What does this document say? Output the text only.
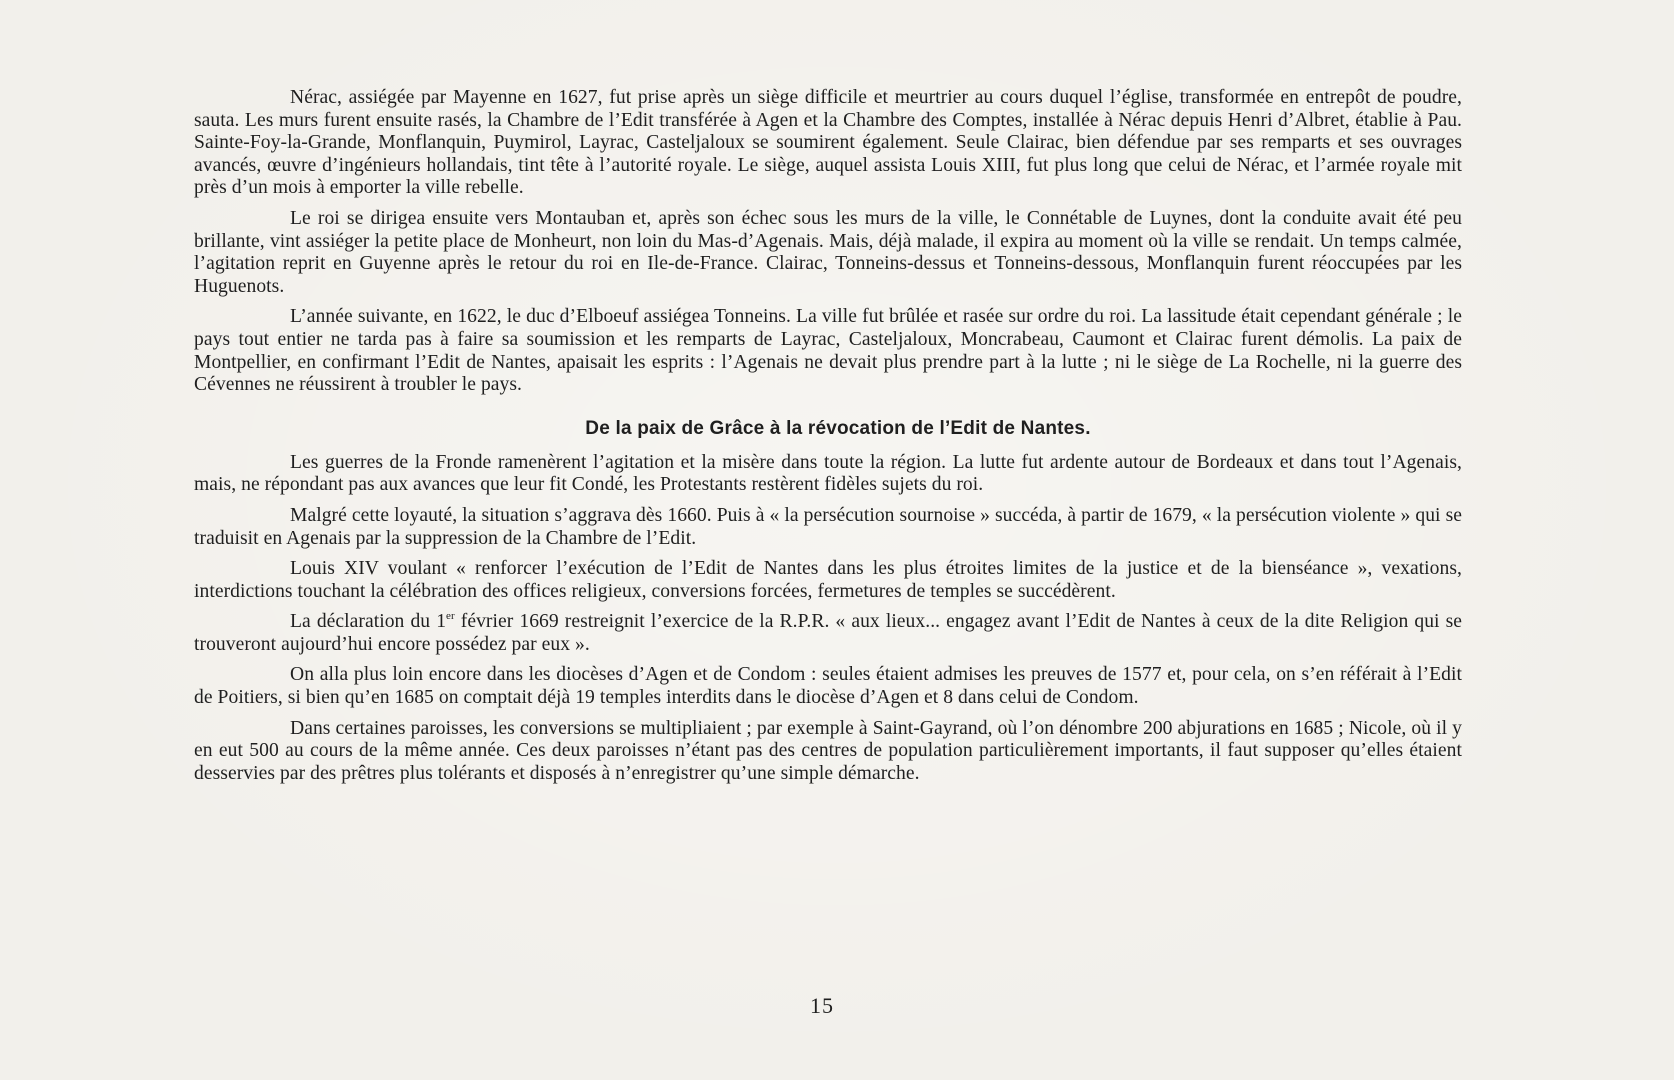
Nérac, assiégée par Mayenne en 1627, fut prise après un siège difficile et meurtrier au cours duquel l’église, transformée en entrepôt de poudre, sauta. Les murs furent ensuite rasés, la Chambre de l’Edit transférée à Agen et la Chambre des Comptes, installée à Nérac depuis Henri d’Albret, établie à Pau. Sainte-Foy-la-Grande, Monflanquin, Puymirol, Layrac, Casteljaloux se soumirent également. Seule Clairac, bien défendue par ses remparts et ses ouvrages avancés, œuvre d’ingénieurs hollandais, tint tête à l’autorité royale. Le siège, auquel assista Louis XIII, fut plus long que celui de Nérac, et l’armée royale mit près d’un mois à emporter la ville rebelle.

Le roi se dirigea ensuite vers Montauban et, après son échec sous les murs de la ville, le Connétable de Luynes, dont la conduite avait été peu brillante, vint assiéger la petite place de Monheurt, non loin du Mas-d’Agenais. Mais, déjà malade, il expira au moment où la ville se rendait. Un temps calmée, l’agitation reprit en Guyenne après le retour du roi en Ile-de-France. Clairac, Tonneins-dessus et Tonneins-dessous, Monflanquin furent réoccupées par les Huguenots.

L’année suivante, en 1622, le duc d’Elboeuf assiégea Tonneins. La ville fut brûlée et rasée sur ordre du roi. La lassitude était cependant générale ; le pays tout entier ne tarda pas à faire sa soumission et les remparts de Layrac, Casteljaloux, Moncrabeau, Caumont et Clairac furent démolis. La paix de Montpellier, en confirmant l’Edit de Nantes, apaisait les esprits : l’Agenais ne devait plus prendre part à la lutte ; ni le siège de La Rochelle, ni la guerre des Cévennes ne réussirent à troubler le pays.

De la paix de Grâce à la révocation de l’Edit de Nantes.

Les guerres de la Fronde ramenèrent l’agitation et la misère dans toute la région. La lutte fut ardente autour de Bordeaux et dans tout l’Agenais, mais, ne répondant pas aux avances que leur fit Condé, les Protestants restèrent fidèles sujets du roi.

Malgré cette loyauté, la situation s’aggrava dès 1660. Puis à « la persécution sournoise » succéda, à partir de 1679, « la persécution violente » qui se traduisit en Agenais par la suppression de la Chambre de l’Edit.

Louis XIV voulant « renforcer l’exécution de l’Edit de Nantes dans les plus étroites limites de la justice et de la bienséance », vexations, interdictions touchant la célébration des offices religieux, conversions forcées, fermetures de temples se succédèrent.

La déclaration du 1er février 1669 restreignit l’exercice de la R.P.R. « aux lieux... engagez avant l’Edit de Nantes à ceux de la dite Religion qui se trouveront aujourd’hui encore possédez par eux ».

On alla plus loin encore dans les diocèses d’Agen et de Condom : seules étaient admises les preuves de 1577 et, pour cela, on s’en référait à l’Edit de Poitiers, si bien qu’en 1685 on comptait déjà 19 temples interdits dans le diocèse d’Agen et 8 dans celui de Condom.

Dans certaines paroisses, les conversions se multipliaient ; par exemple à Saint-Gayrand, où l’on dénombre 200 abjurations en 1685 ; Nicole, où il y en eut 500 au cours de la même année. Ces deux paroisses n’étant pas des centres de population particulièrement importants, il faut supposer qu’elles étaient desservies par des prêtres plus tolérants et disposés à n’enregistrer qu’une simple démarche.

15
